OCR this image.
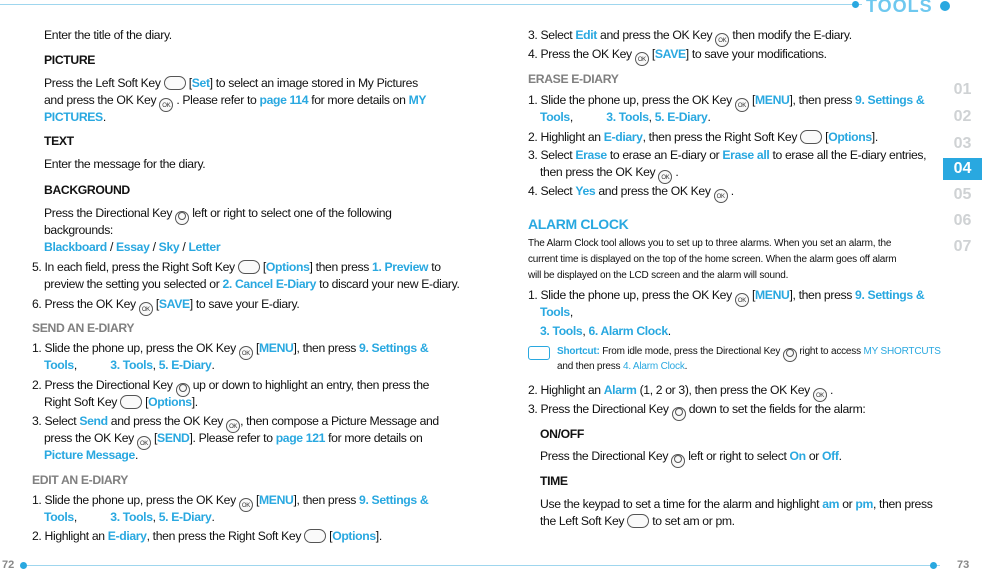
TOOLS
72	73
01
02
03
04
05
06
07
Enter the title of the diary.
PICTURE
Press the Left Soft Key  [Set] to select an image stored in My Pictures
and press the OK Key OK . Please refer to page 114 for more details on MY
PICTURES.
TEXT
Enter the message for the diary.
BACKGROUND
Press the Directional Key left or right to select one of the following
backgrounds:
Blackboard / Essay / Sky / Letter
5. In each field, press the Right Soft Key  [Options] then press 1. Preview to
preview the setting you selected or 2. Cancel E-Diary to discard your new E-diary.
6. Press the OK Key OK [SAVE] to save your E-diary.
SEND AN E-DIARY
1. Slide the phone up, press the OK Key OK [MENU], then press 9. Settings &
Tools,	3. Tools, 5. E-Diary.
2. Press the Directional Key up or down to highlight an entry, then press the
Right Soft Key  [Options].
3. Select Send and press the OK Key OK , then compose a Picture Message and
press the OK Key OK [SEND]. Please refer to page 121 for more details on
Picture Message.
EDIT AN E-DIARY
1. Slide the phone up, press the OK Key OK [MENU], then press 9. Settings &
Tools,	3. Tools, 5. E-Diary.
2. Highlight an E-diary, then press the Right Soft Key  [Options].
3. Select Edit and press the OK Key OK then modify the E-diary.
4. Press the OK Key OK [SAVE] to save your modifications.
ERASE E-DIARY
1. Slide the phone up, press the OK Key OK [MENU], then press 9. Settings &
Tools,	3. Tools, 5. E-Diary.
2. Highlight an E-diary, then press the Right Soft Key  [Options].
3. Select Erase to erase an E-diary or Erase all to erase all the E-diary entries,
then press the OK Key OK .
4. Select Yes and press the OK Key OK .
ALARM CLOCK
The Alarm Clock tool allows you to set up to three alarms. When you set an alarm, the
current time is displayed on the top of the home screen. When the alarm goes off alarm
will be displayed on the LCD screen and the alarm will sound.
1. Slide the phone up, press the OK Key OK [MENU], then press 9. Settings &
Tools,
3. Tools, 6. Alarm Clock.
Shortcut: From idle mode, press the Directional Key right to access MY SHORTCUTS
and then press 4. Alarm Clock.
2. Highlight an Alarm (1, 2 or 3), then press the OK Key OK .
3. Press the Directional Key down to set the fields for the alarm:
ON/OFF
Press the Directional Key left or right to select On or Off.
TIME
Use the keypad to set a time for the alarm and highlight am or pm, then press
the Left Soft Key to set am or pm.
